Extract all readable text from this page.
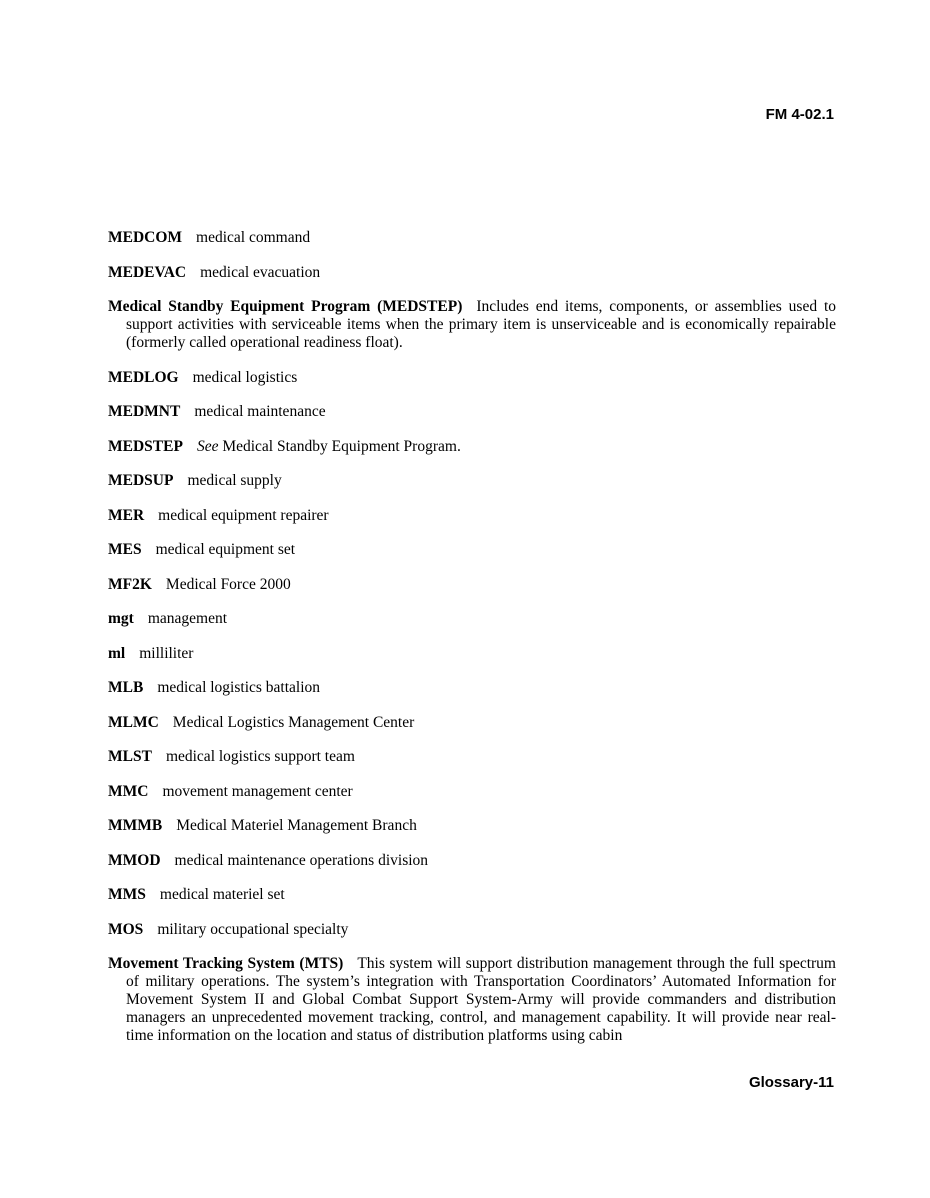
FM 4-02.1

MEDCOM medical command

MEDEVAC medical evacuation

Medical Standby Equipment Program (MEDSTEP) Includes end items, components, or assemblies used to support activities with serviceable items when the primary item is unserviceable and is economically repairable (formerly called operational readiness float).

MEDLOG medical logistics

MEDMNT medical maintenance

MEDSTEP See Medical Standby Equipment Program.

MEDSUP medical supply

MER medical equipment repairer

MES medical equipment set

MF2K Medical Force 2000

mgt management

ml milliliter

MLB medical logistics battalion

MLMC Medical Logistics Management Center

MLST medical logistics support team

MMC movement management center

MMMB Medical Materiel Management Branch

MMOD medical maintenance operations division

MMS medical materiel set

MOS military occupational specialty

Movement Tracking System (MTS) This system will support distribution management through the full spectrum of military operations. The system’s integration with Transportation Coordinators’ Automated Information for Movement System II and Global Combat Support System-Army will provide commanders and distribution managers an unprecedented movement tracking, control, and management capability. It will provide near real-time information on the location and status of distribution platforms using cabin

Glossary-11
